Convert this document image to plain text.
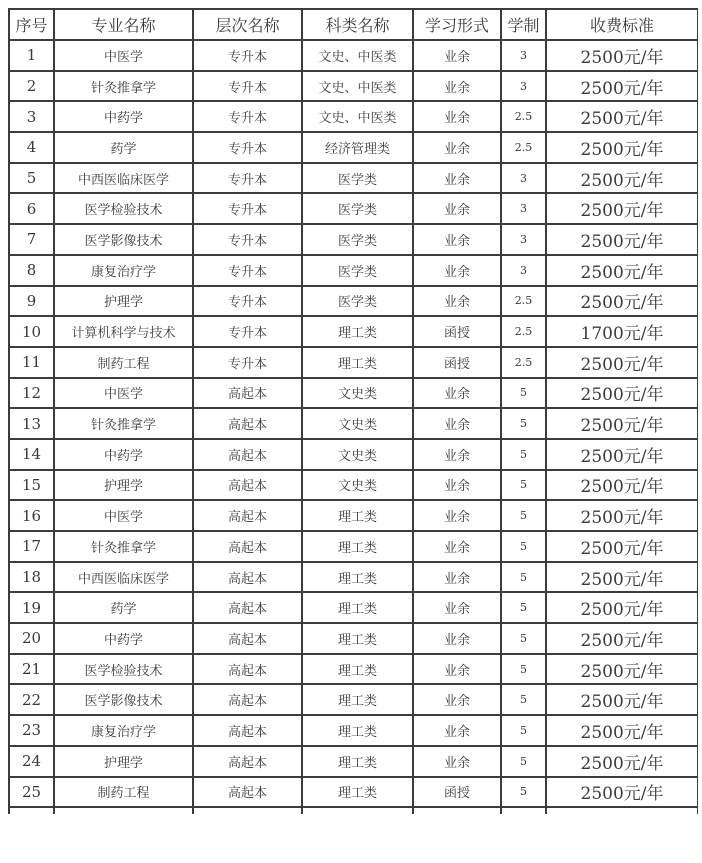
序号	专业名称	层次名称	科类名称	学习形式	学制	收费标准
1	中医学	专升本	文史、中医类	业余	3	2500元/年
2	针灸推拿学	专升本	文史、中医类	业余	3	2500元/年
3	中药学	专升本	文史、中医类	业余	2.5	2500元/年
4	药学	专升本	经济管理类	业余	2.5	2500元/年
5	中西医临床医学	专升本	医学类	业余	3	2500元/年
6	医学检验技术	专升本	医学类	业余	3	2500元/年
7	医学影像技术	专升本	医学类	业余	3	2500元/年
8	康复治疗学	专升本	医学类	业余	3	2500元/年
9	护理学	专升本	医学类	业余	2.5	2500元/年
10	计算机科学与技术	专升本	理工类	函授	2.5	1700元/年
11	制药工程	专升本	理工类	函授	2.5	2500元/年
12	中医学	高起本	文史类	业余	5	2500元/年
13	针灸推拿学	高起本	文史类	业余	5	2500元/年
14	中药学	高起本	文史类	业余	5	2500元/年
15	护理学	高起本	文史类	业余	5	2500元/年
16	中医学	高起本	理工类	业余	5	2500元/年
17	针灸推拿学	高起本	理工类	业余	5	2500元/年
18	中西医临床医学	高起本	理工类	业余	5	2500元/年
19	药学	高起本	理工类	业余	5	2500元/年
20	中药学	高起本	理工类	业余	5	2500元/年
21	医学检验技术	高起本	理工类	业余	5	2500元/年
22	医学影像技术	高起本	理工类	业余	5	2500元/年
23	康复治疗学	高起本	理工类	业余	5	2500元/年
24	护理学	高起本	理工类	业余	5	2500元/年
25	制药工程	高起本	理工类	函授	5	2500元/年
